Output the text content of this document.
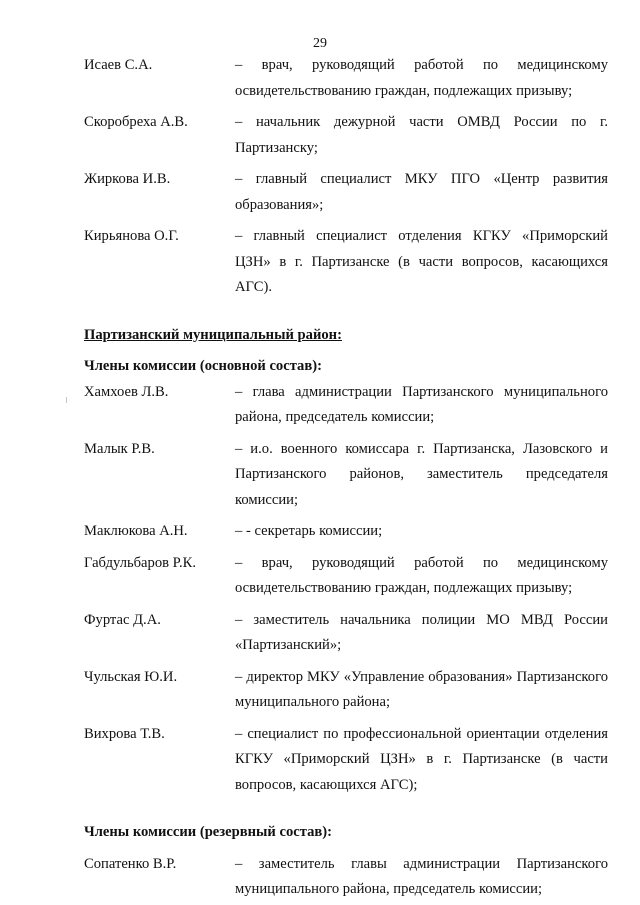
29
Исаев С.А.	– врач, руководящий работой по медицинскому освидетельствованию граждан, подлежащих призыву;
Скоробреха А.В.	– начальник дежурной части ОМВД России по г. Партизанску;
Жиркова И.В.	– главный специалист МКУ ПГО «Центр развития образования»;
Кирьянова О.Г.	– главный специалист отделения КГКУ «Приморский ЦЗН» в г. Партизанске (в части вопросов, касающихся АГС).
Партизанский муниципальный район:
Члены комиссии (основной состав):
Хамхоев Л.В.	– глава администрации Партизанского муниципального района, председатель комиссии;
Малык Р.В.	– и.о. военного комиссара г. Партизанска, Лазовского и Партизанского районов, заместитель председателя комиссии;
Маклюкова А.Н.	– - секретарь комиссии;
Габдульбаров Р.К.	– врач, руководящий работой по медицинскому освидетельствованию граждан, подлежащих призыву;
Фуртас Д.А.	– заместитель начальника полиции МО МВД России «Партизанский»;
Чульская Ю.И.	– директор МКУ «Управление образования» Партизанского муниципального района;
Вихрова Т.В.	– специалист по профессиональной ориентации отделения КГКУ «Приморский ЦЗН» в г. Партизанске (в части вопросов, касающихся АГС);
Члены комиссии (резервный состав):
Сопатенко В.Р.	– заместитель главы администрации Партизанского муниципального района, председатель комиссии;
